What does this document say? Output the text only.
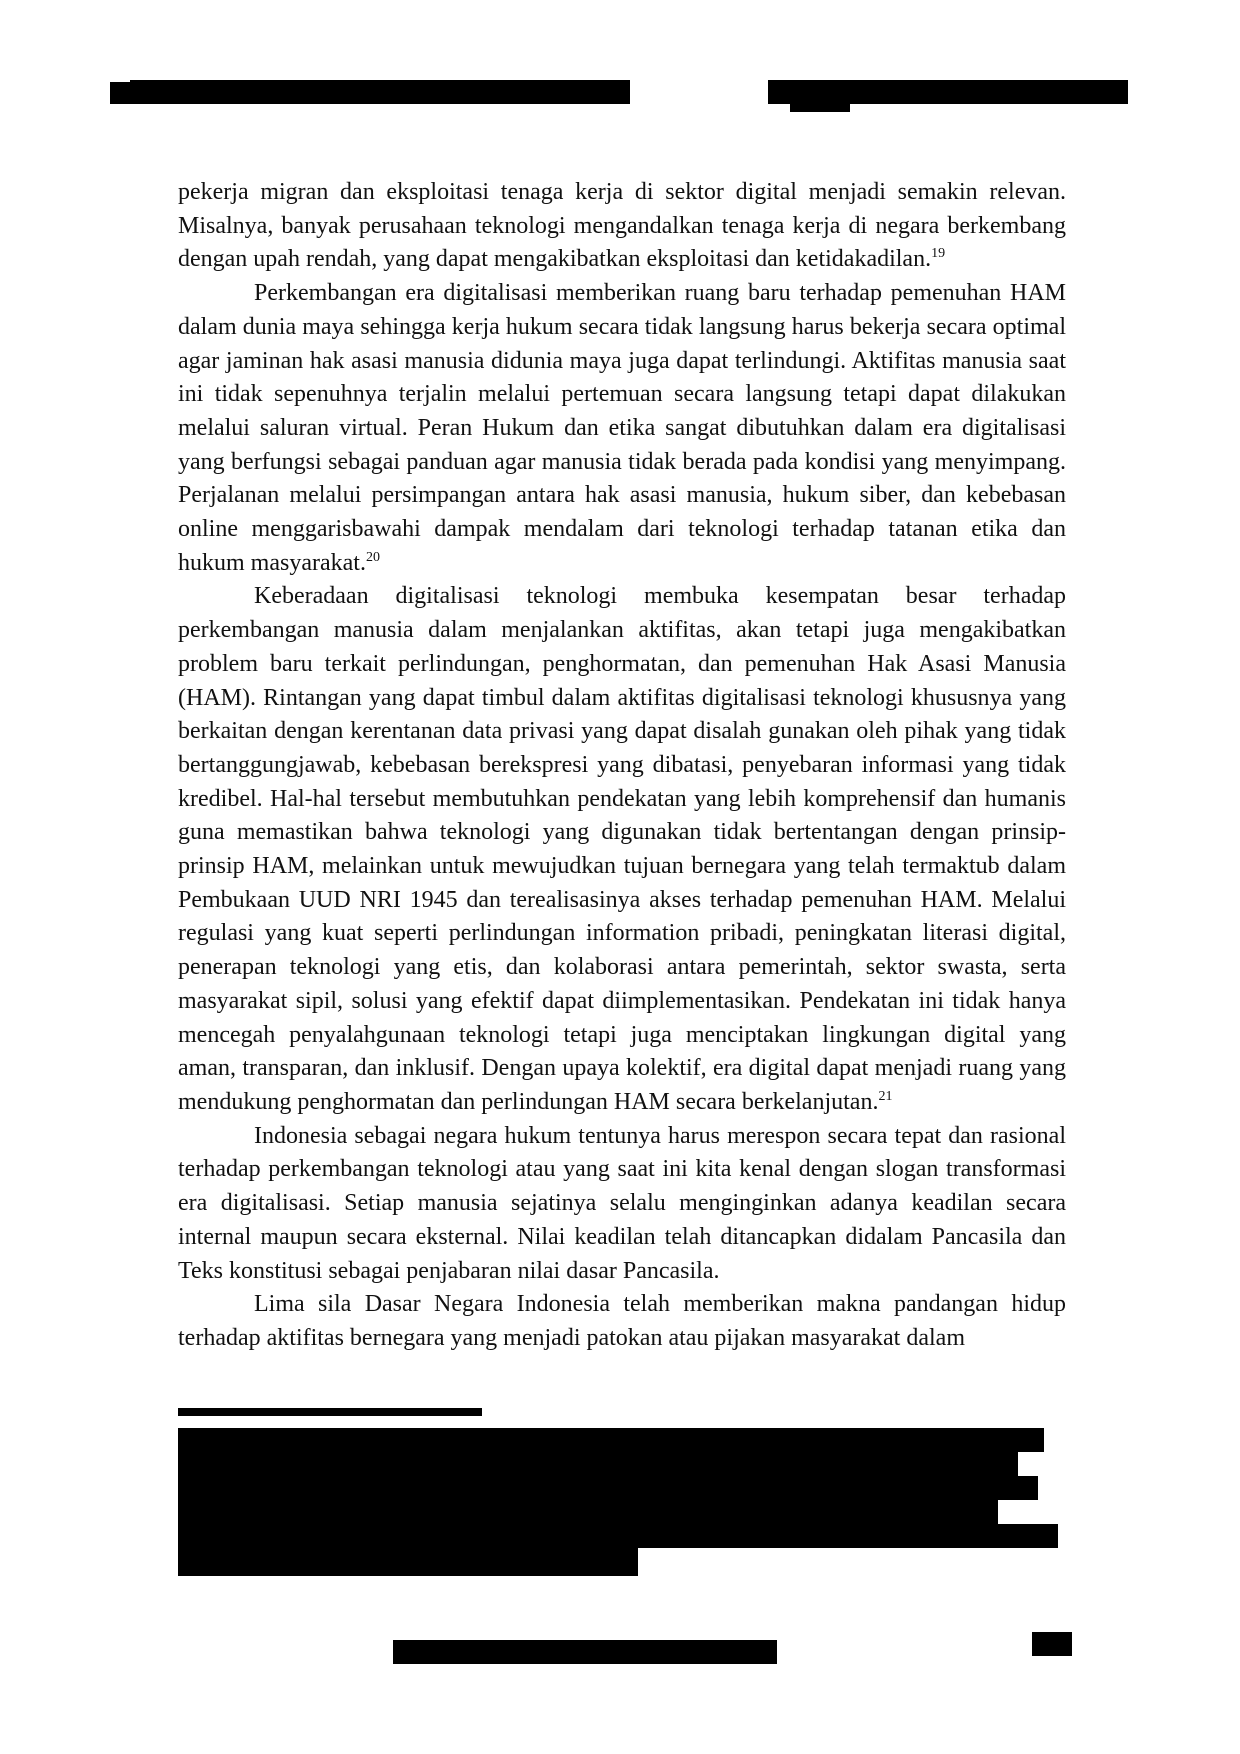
pekerja migran dan eksploitasi tenaga kerja di sektor digital menjadi semakin relevan. Misalnya, banyak perusahaan teknologi mengandalkan tenaga kerja di negara berkembang dengan upah rendah, yang dapat mengakibatkan eksploitasi dan ketidakadilan.$^{19}$

Perkembangan era digitalisasi memberikan ruang baru terhadap pemenuhan HAM dalam dunia maya sehingga kerja hukum secara tidak langsung harus bekerja secara optimal agar jaminan hak asasi manusia didunia maya juga dapat terlindungi. Aktifitas manusia saat ini tidak sepenuhnya terjalin melalui pertemuan secara langsung tetapi dapat dilakukan melalui saluran virtual. Peran Hukum dan etika sangat dibutuhkan dalam era digitalisasi yang berfungsi sebagai panduan agar manusia tidak berada pada kondisi yang menyimpang. Perjalanan melalui persimpangan antara hak asasi manusia, hukum siber, dan kebebasan online menggarisbawahi dampak mendalam dari teknologi terhadap tatanan etika dan hukum masyarakat.$^{20}$

Keberadaan digitalisasi teknologi membuka kesempatan besar terhadap perkembangan manusia dalam menjalankan aktifitas, akan tetapi juga mengakibatkan problem baru terkait perlindungan, penghormatan, dan pemenuhan Hak Asasi Manusia (HAM). Rintangan yang dapat timbul dalam aktifitas digitalisasi teknologi khususnya yang berkaitan dengan kerentanan data privasi yang dapat disalah gunakan oleh pihak yang tidak bertanggungjawab, kebebasan berekspresi yang dibatasi, penyebaran informasi yang tidak kredibel. Hal-hal tersebut membutuhkan pendekatan yang lebih komprehensif dan humanis guna memastikan bahwa teknologi yang digunakan tidak bertentangan dengan prinsip-prinsip HAM, melainkan untuk mewujudkan tujuan bernegara yang telah termaktub dalam Pembukaan UUD NRI 1945 dan terealisasinya akses terhadap pemenuhan HAM. Melalui regulasi yang kuat seperti perlindungan information pribadi, peningkatan literasi digital, penerapan teknologi yang etis, dan kolaborasi antara pemerintah, sektor swasta, serta masyarakat sipil, solusi yang efektif dapat diimplementasikan. Pendekatan ini tidak hanya mencegah penyalahgunaan teknologi tetapi juga menciptakan lingkungan digital yang aman, transparan, dan inklusif. Dengan upaya kolektif, era digital dapat menjadi ruang yang mendukung penghormatan dan perlindungan HAM secara berkelanjutan.$^{21}$

Indonesia sebagai negara hukum tentunya harus merespon secara tepat dan rasional terhadap perkembangan teknologi atau yang saat ini kita kenal dengan slogan transformasi era digitalisasi. Setiap manusia sejatinya selalu menginginkan adanya keadilan secara internal maupun secara eksternal. Nilai keadilan telah ditancapkan didalam Pancasila dan Teks konstitusi sebagai penjabaran nilai dasar Pancasila.

Lima sila Dasar Negara Indonesia telah memberikan makna pandangan hidup terhadap aktifitas bernegara yang menjadi patokan atau pijakan masyarakat dalam
